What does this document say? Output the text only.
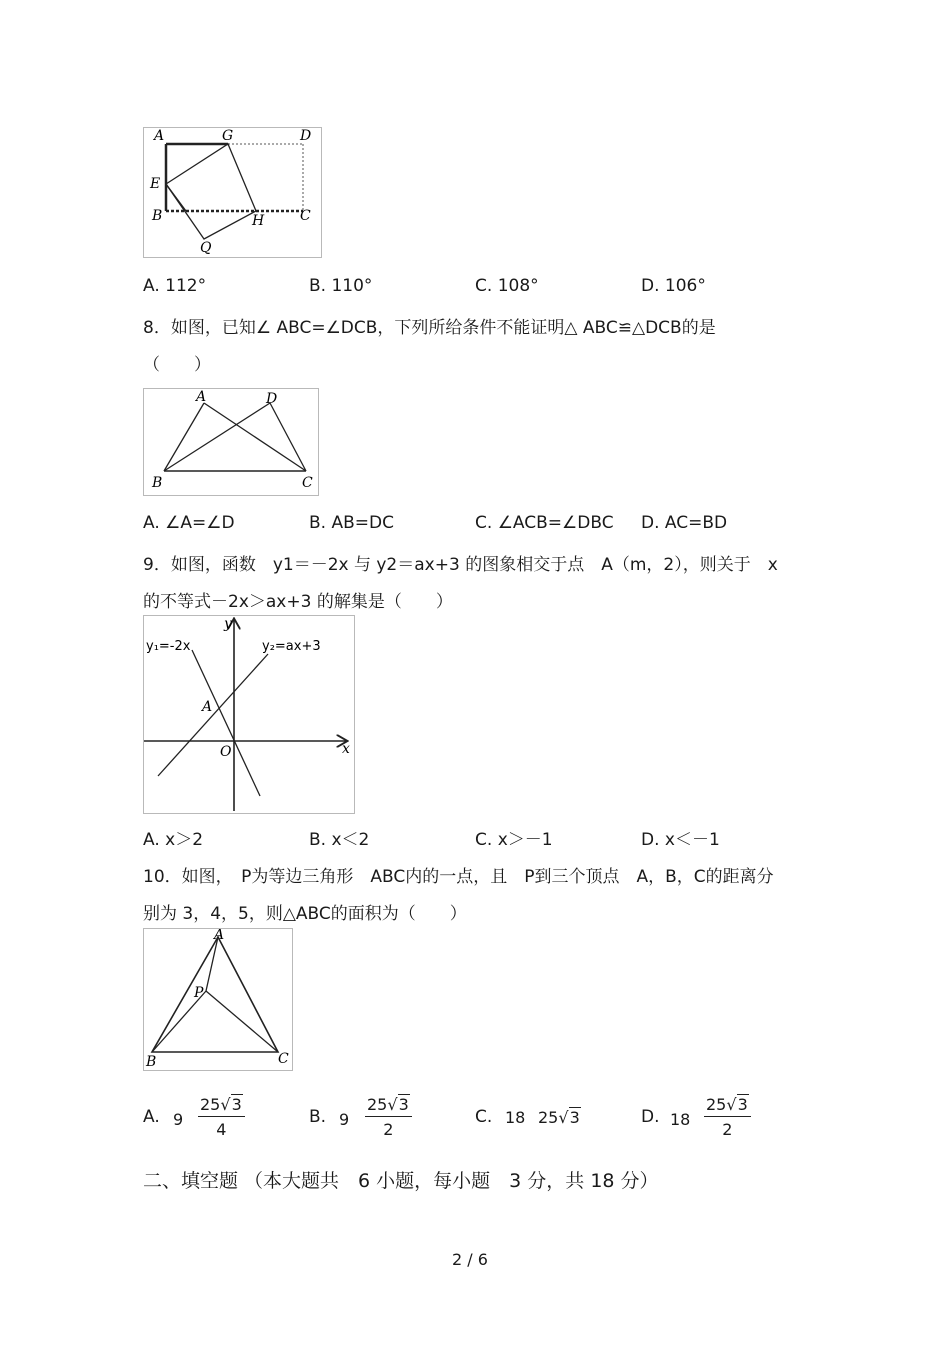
A	G	D
E
B	H	C
Q
A. 112°	B. 110°	C. 108°	D. 106°
8．如图，已知∠ ABC=∠DCB，下列所给条件不能证明△ ABC≌△DCB的是
（　　）
A	D
B	C
A. ∠A=∠D	B. AB=DC	C. ∠ACB=∠DBC D. AC=BD
9．如图，函数　y1＝－2x 与 y2＝ax+3 的图象相交于点　A（m，2），则关于　x
的不等式－2x＞ax+3 的解集是（　　）
y₁=-2x	y₂=ax+3
y
x
A
O
A. x＞2	B. x＜2	C. x＞－1	D. x＜－1
10．如图，　P为等边三角形　ABC内的一点，且　P到三个顶点　A，B，C的距离分
别为 3，4，5，则△ABC的面积为（　　）
A
P
B	C
A. $9 \frac{25√3}{4}$	B. $9 \frac{25√3}{2}$	C. 18 25√3	D. $18 \frac{25√3}{2}$
二、填空题 （本大题共　6 小题，每小题　3 分，共 18 分）
2 / 6
